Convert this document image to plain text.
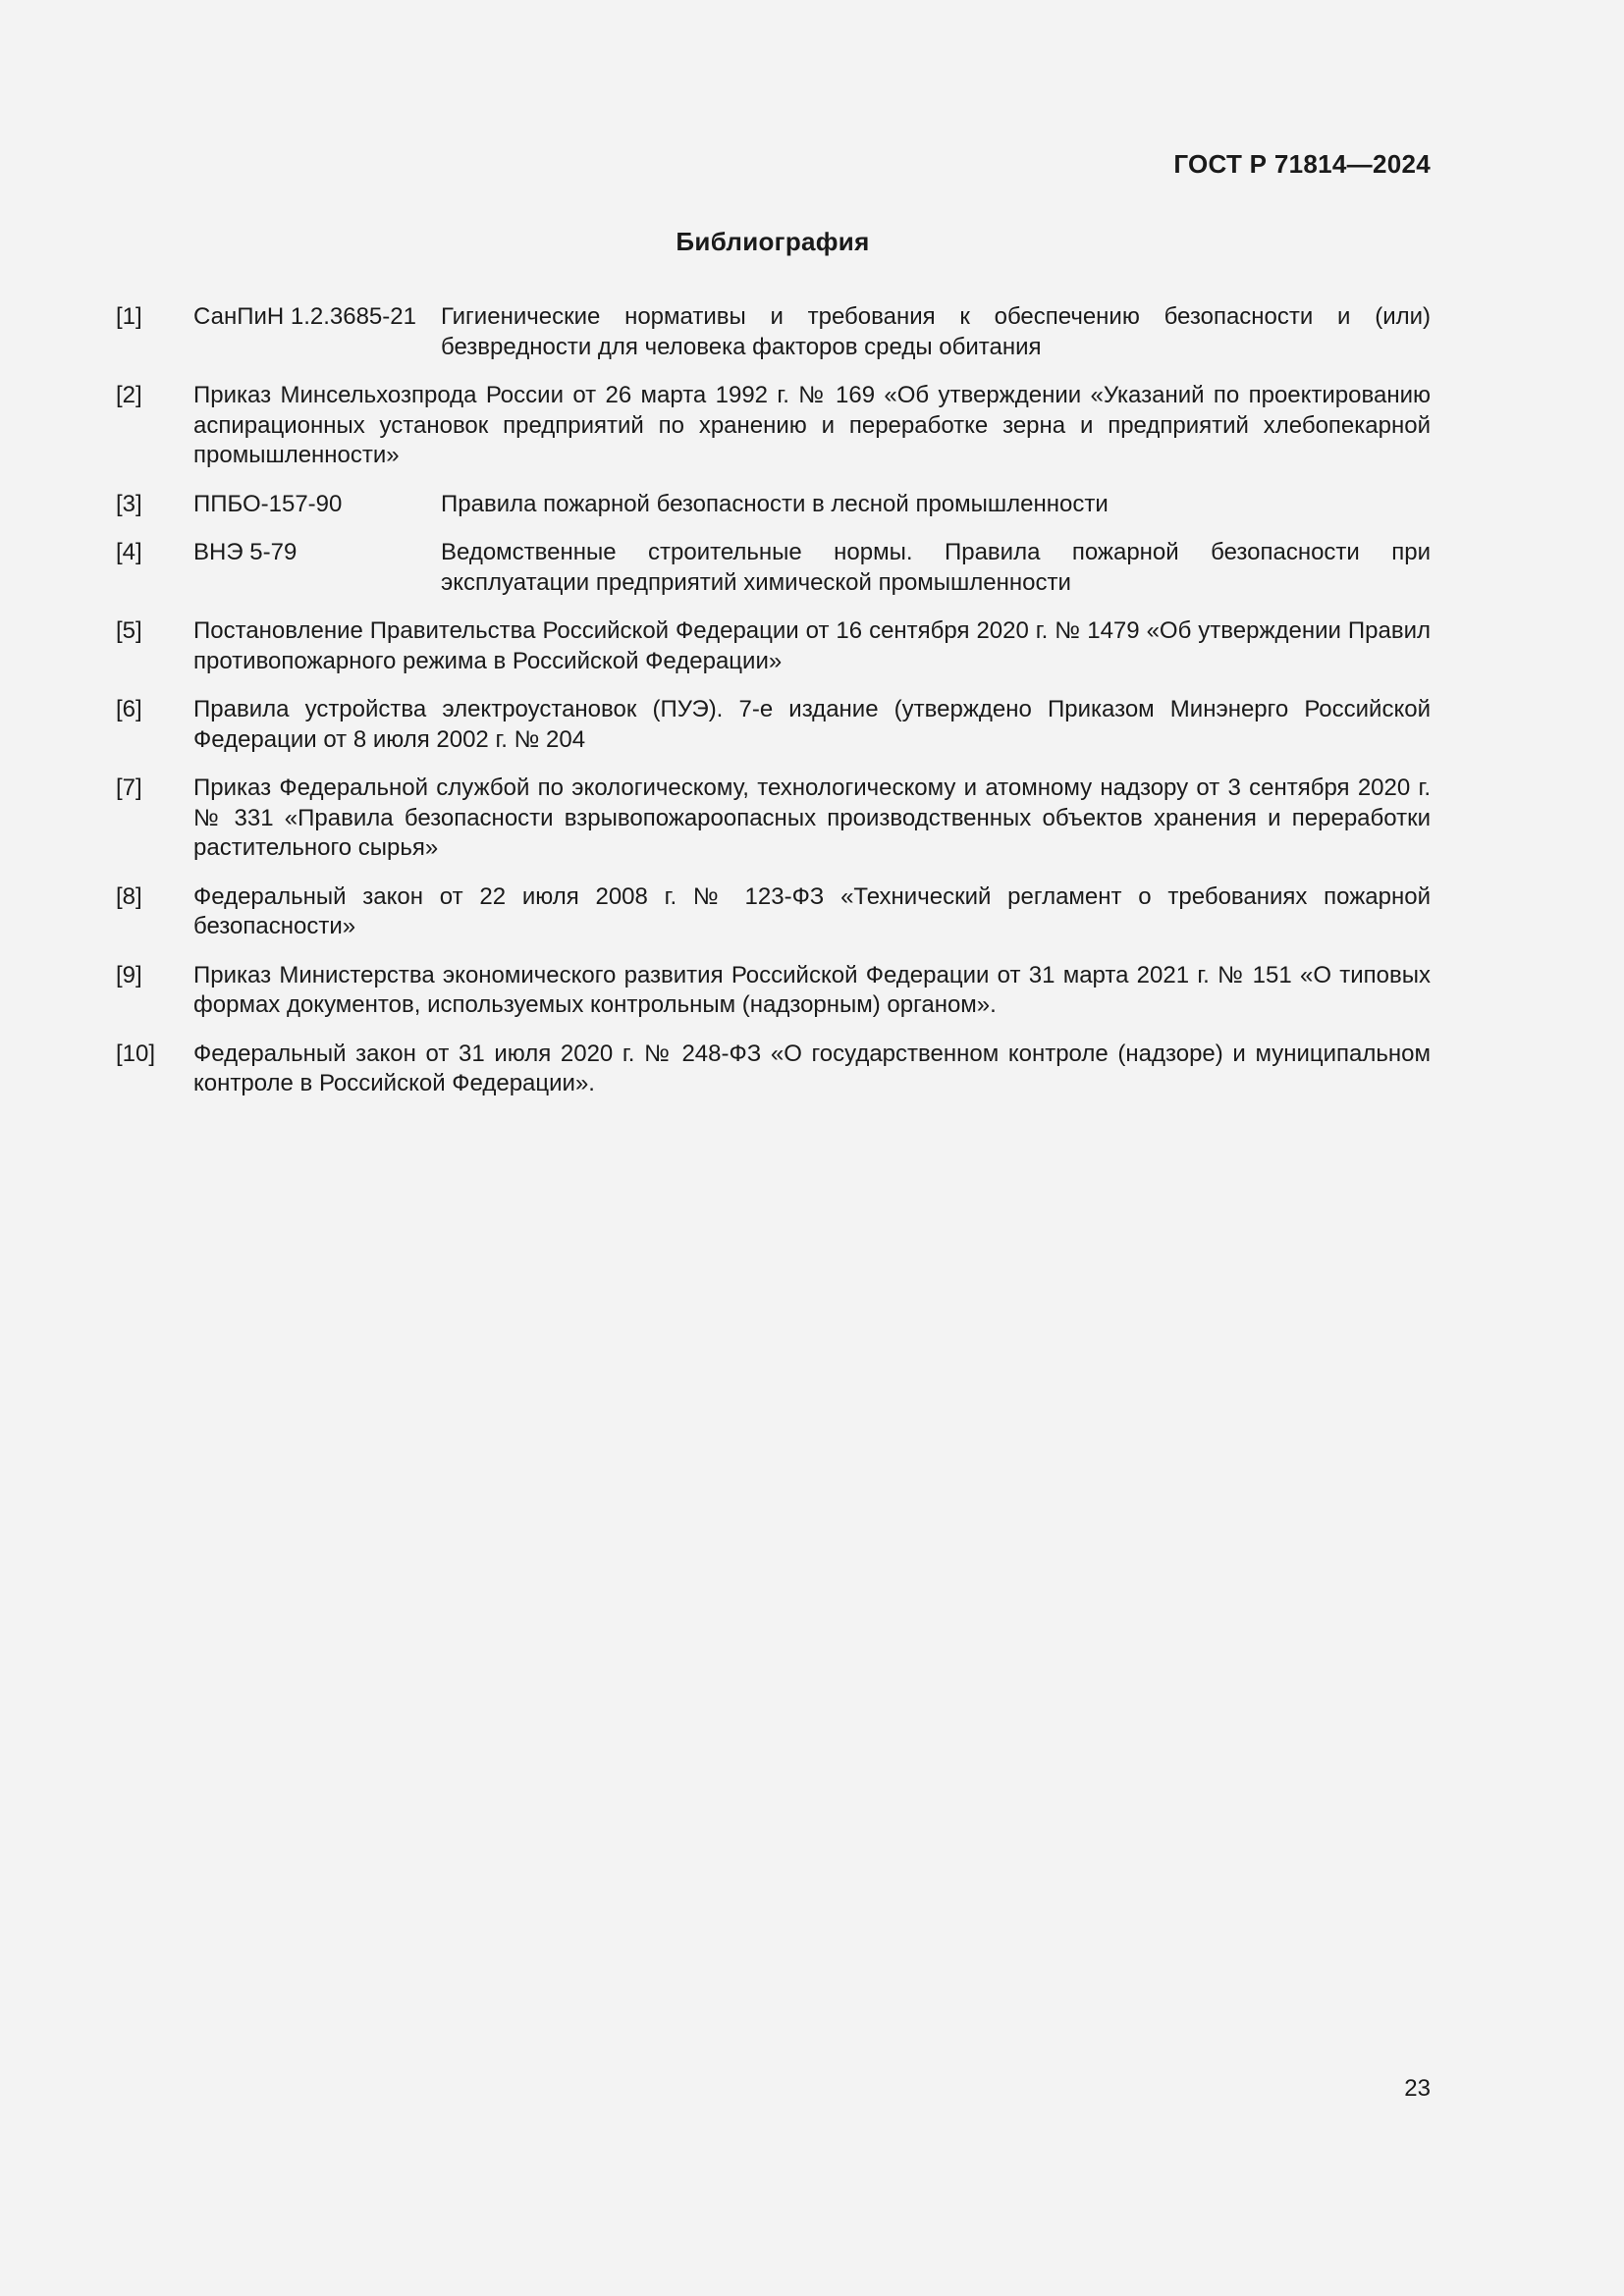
ГОСТ Р 71814—2024
Библиография
[1] СанПиН 1.2.3685-21 Гигиенические нормативы и требования к обеспечению безопасности и (или) безвредности для человека факторов среды обитания
[2] Приказ Минсельхозпрода России от 26 марта 1992 г. № 169 «Об утверждении «Указаний по проектированию аспирационных установок предприятий по хранению и переработке зерна и предприятий хлебопекарной промышленности»
[3] ППБО-157-90	Правила пожарной безопасности в лесной промышленности
[4] ВНЭ 5-79	Ведомственные строительные нормы. Правила пожарной безопасности при эксплуатации предприятий химической промышленности
[5] Постановление Правительства Российской Федерации от 16 сентября 2020 г. № 1479 «Об утверждении Правил противопожарного режима в Российской Федерации»
[6] Правила устройства электроустановок (ПУЭ). 7-е издание (утверждено Приказом Минэнерго Российской Федерации от 8 июля 2002 г. № 204
[7] Приказ Федеральной службой по экологическому, технологическому и атомному надзору от 3 сентября 2020 г. № 331 «Правила безопасности взрывопожароопасных производственных объектов хранения и переработки растительного сырья»
[8] Федеральный закон от 22 июля 2008 г. № 123-ФЗ «Технический регламент о требованиях пожарной безопасности»
[9] Приказ Министерства экономического развития Российской Федерации от 31 марта 2021 г. № 151 «О типовых формах документов, используемых контрольным (надзорным) органом».
[10] Федеральный закон от 31 июля 2020 г. № 248-ФЗ «О государственном контроле (надзоре) и муниципальном контроле в Российской Федерации».
23
